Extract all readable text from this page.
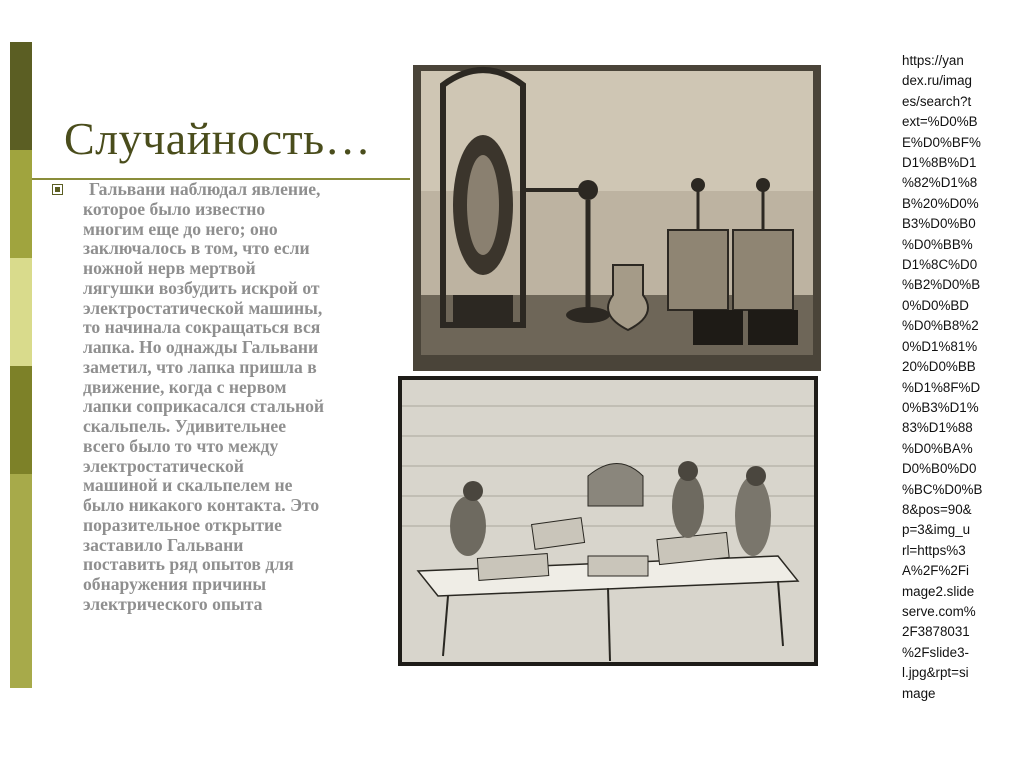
Случайность…
Гальвани наблюдал явление,
которое было известно
многим еще до него; оно
заключалось в том, что если
ножной нерв мертвой
лягушки возбудить искрой от
электростатической машины,
то начинала сокращаться вся
лапка. Но однажды Гальвани
заметил, что лапка пришла в
движение, когда с нервом
лапки соприкасался стальной
скальпель. Удивительнее
всего было то что между
электростатической
машиной и скальпелем не
было никакого контакта. Это
поразительное открытие
заставило Гальвани
поставить ряд опытов для
обнаружения причины
электрического опыта
https://yan
dex.ru/imag
es/search?t
ext=%D0%B
E%D0%BF%
D1%8B%D1
%82%D1%8
B%20%D0%
B3%D0%B0
%D0%BB%
D1%8C%D0
%B2%D0%B
0%D0%BD
%D0%B8%2
0%D1%81%
20%D0%BB
%D1%8F%D
0%B3%D1%
83%D1%88
%D0%BA%
D0%B0%D0
%BC%D0%B
8&pos=90&
p=3&img_u
rl=https%3
A%2F%2Fi
mage2.slide
serve.com%
2F3878031
%2Fslide3-
l.jpg&rpt=si
mage
